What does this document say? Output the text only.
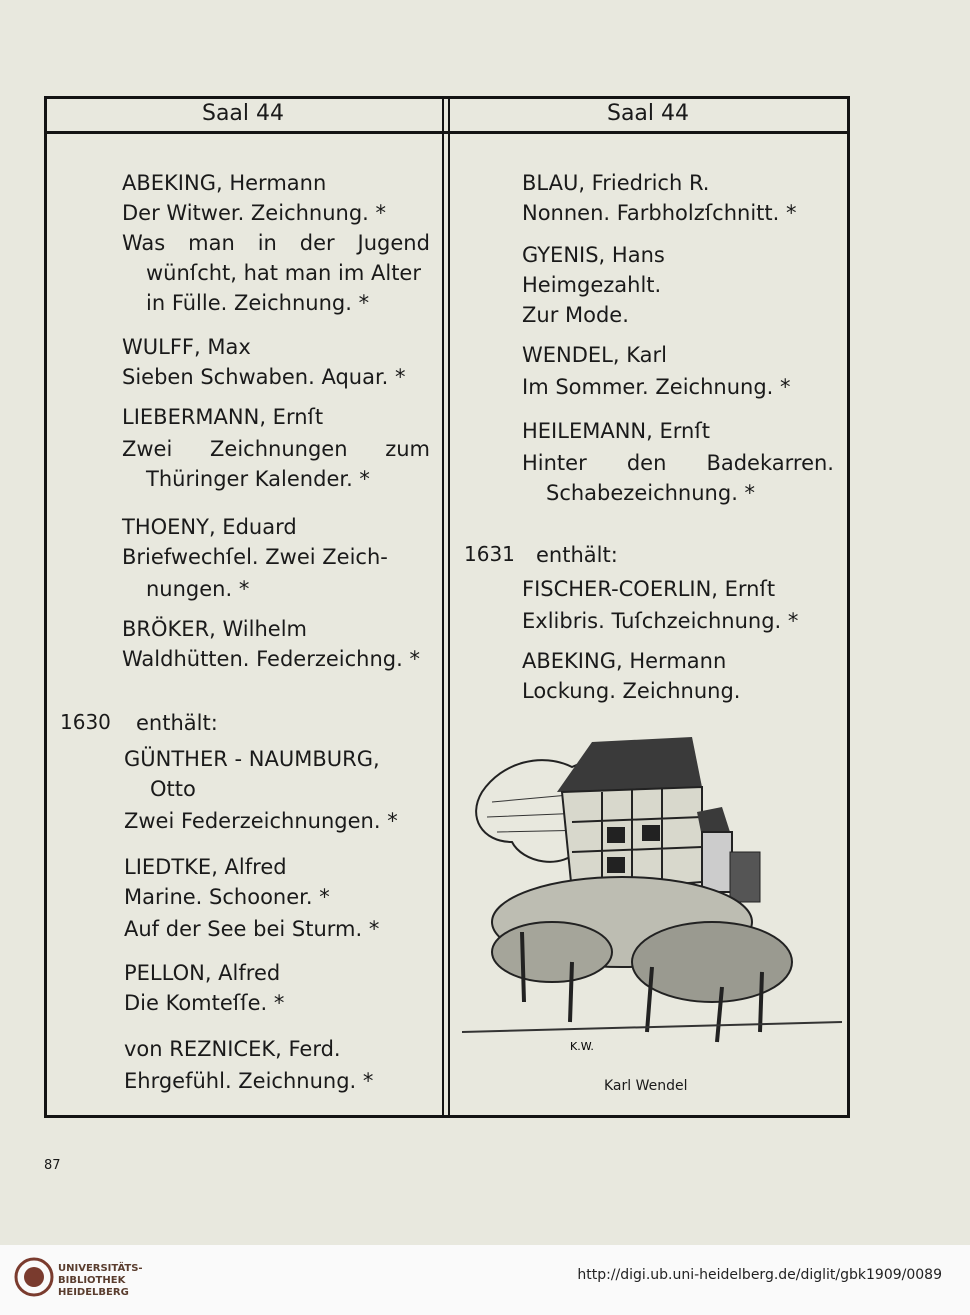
Saal 44	Saal 44
ABEKING, Hermann
Der Witwer. Zeichnung. *
Was man in der Jugend
wünſcht, hat man im Alter
in Fülle. Zeichnung. *
WULFF, Max
Sieben Schwaben. Aquar. *
LIEBERMANN, Ernſt
Zwei Zeichnungen zum
Thüringer Kalender. *
THOENY, Eduard
Briefwechſel. Zwei Zeich-
nungen. *
BRÖKER, Wilhelm
Waldhütten. Federzeichng. *
enthält:
GÜNTHER - NAUMBURG,
Otto
Zwei Federzeichnungen. *
LIEDTKE, Alfred
Marine. Schooner. *
Auf der See bei Sturm. *
PELLON, Alfred
Die Komteſſe. *
von REZNICEK, Ferd.
Ehrgefühl. Zeichnung. *
BLAU, Friedrich R.
Nonnen. Farbholzſchnitt. *
GYENIS, Hans
Heimgezahlt.
Zur Mode.
WENDEL, Karl
Im Sommer. Zeichnung. *
HEILEMANN, Ernſt
Hinter den Badekarren.
Schabezeichnung. *
enthält:
FISCHER-COERLIN, Ernſt
Exlibris. Tuſchzeichnung. *
ABEKING, Hermann
Lockung. Zeichnung.
1630
1631
K.W.
Karl Wendel
87
UNIVERSITÄTS-
BIBLIOTHEK
HEIDELBERG
http://digi.ub.uni-heidelberg.de/diglit/gbk1909/0089
